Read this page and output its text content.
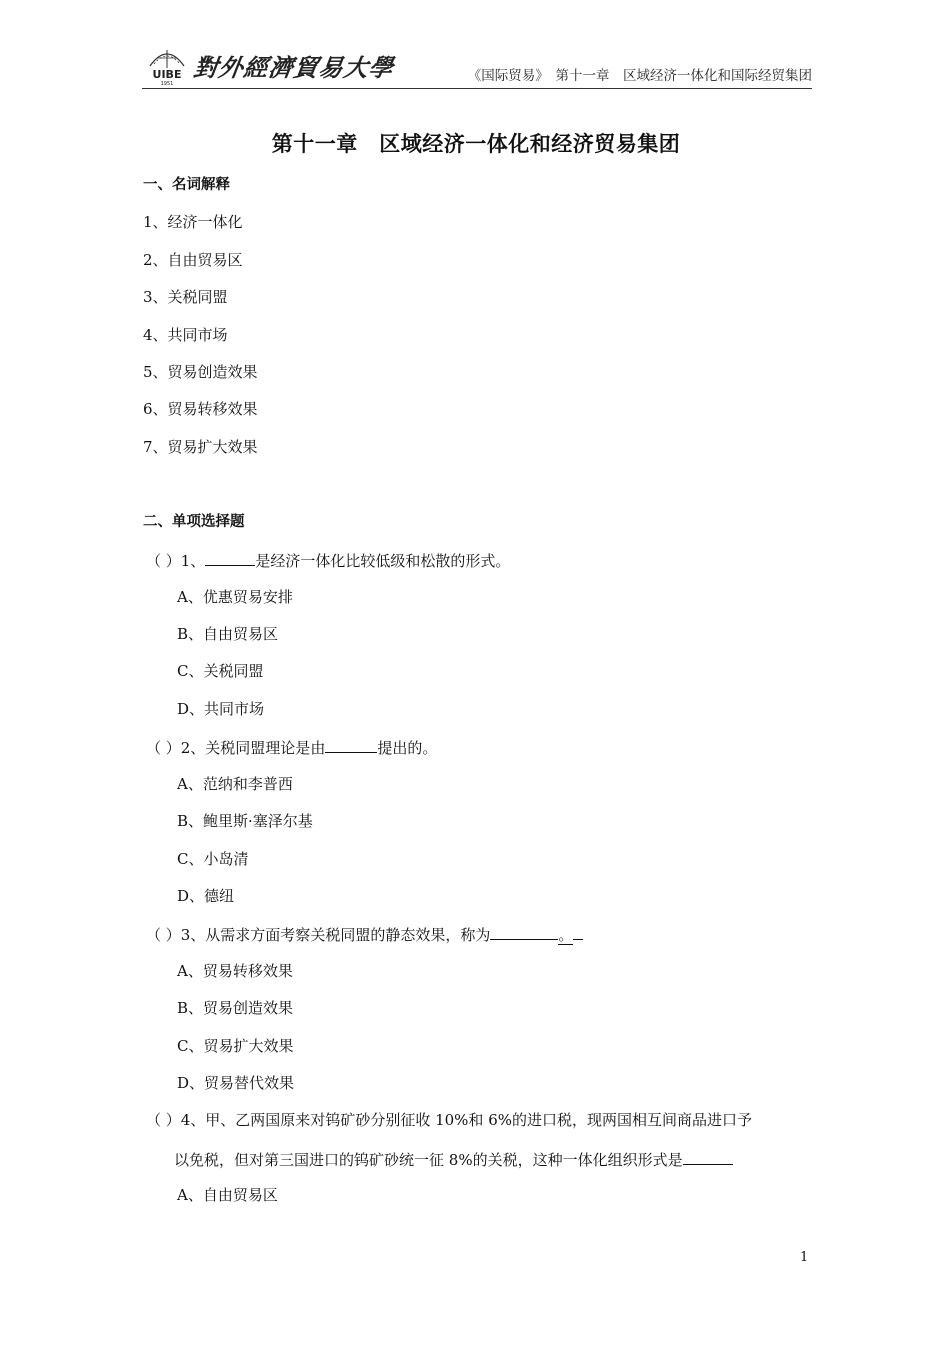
UIBE
1951
對外經濟貿易大學	《国际贸易》　第十一章　区域经济一体化和国际经贸集团
第十一章　区域经济一体化和经济贸易集团
一、名词解释
1、经济一体化
2、自由贸易区
3、关税同盟
4、共同市场
5、贸易创造效果
6、贸易转移效果
7、贸易扩大效果
二、单项选择题
（ ）1、	是经济一体化比较低级和松散的形式。
A、优惠贸易安排
B、自由贸易区
C、关税同盟
D、共同市场
（ ）2、关税同盟理论是由	提出的。
A、范纳和李普西
B、鲍里斯·塞泽尔基
C、小岛清
D、德纽
（ ）3、从需求方面考察关税同盟的静态效果，称为	。
A、贸易转移效果
B、贸易创造效果
C、贸易扩大效果
D、贸易替代效果
（ ）4、甲、乙两国原来对钨矿砂分别征收 10%和 6%的进口税，现两国相互间商品进口予
以免税，但对第三国进口的钨矿砂统一征 8%的关税，这种一体化组织形式是
A、自由贸易区
1
